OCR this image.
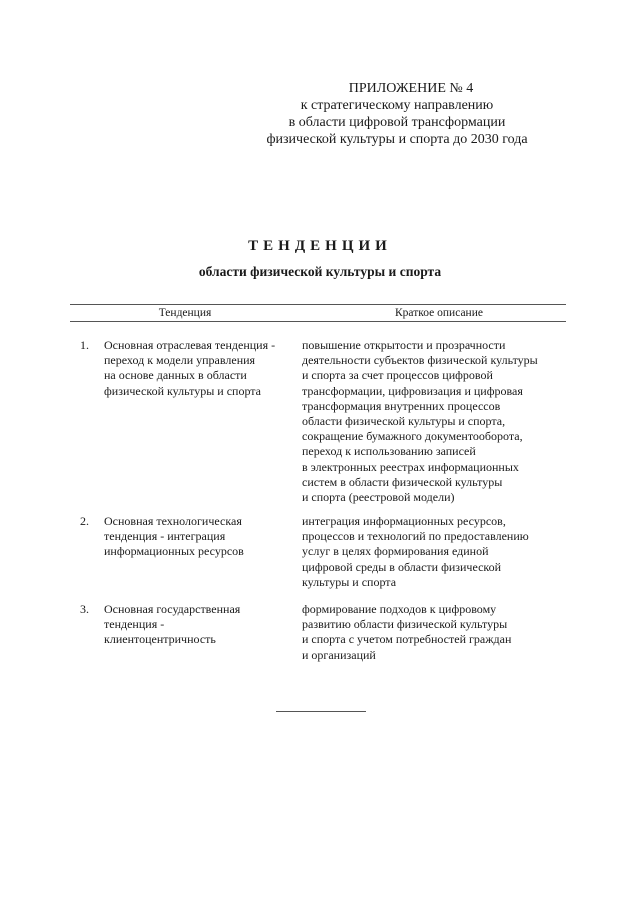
ПРИЛОЖЕНИЕ № 4
к стратегическому направлению
в области цифровой трансформации
физической культуры и спорта до 2030 года
ТЕНДЕНЦИИ
области физической культуры и спорта
Тенденция	Краткое описание
1. Основная отраслевая тенденция -
переход к модели управления
на основе данных в области
физической культуры и спорта
повышение открытости и прозрачности
деятельности субъектов физической культуры
и спорта за счет процессов цифровой
трансформации, цифровизация и цифровая
трансформация внутренних процессов
области физической культуры и спорта,
сокращение бумажного документооборота,
переход к использованию записей
в электронных реестрах информационных
систем в области физической культуры
и спорта (реестровой модели)
2. Основная технологическая
тенденция - интеграция
информационных ресурсов
интеграция информационных ресурсов,
процессов и технологий по предоставлению
услуг в целях формирования единой
цифровой среды в области физической
культуры и спорта
3. Основная государственная
тенденция -
клиентоцентричность
формирование подходов к цифровому
развитию области физической культуры
и спорта с учетом потребностей граждан
и организаций
